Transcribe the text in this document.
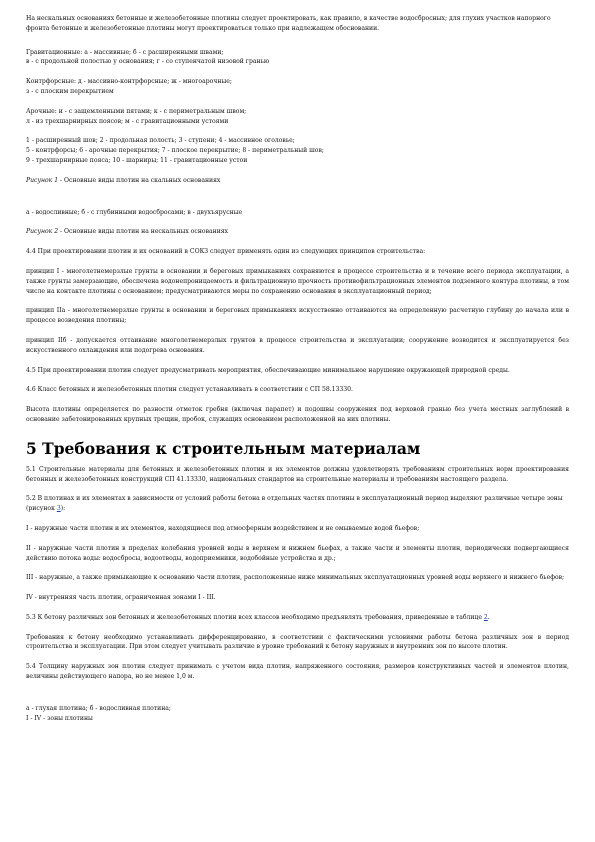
На нескальных основаниях бетонные и железобетонные плотины следует проектировать, как правило, в качестве водосбросных; для глухих участков напорного фронта бетонные и железобетонные плотины могут проектироваться только при надлежащем обосновании.

Гравитационные: а - массивные; б - с расширенными швами;

в - с продольной полостью у основания; г - со ступенчатой низовой гранью

Контрфорсные: д - массивно-контрфорсные; ж - многоарочные;

з - с плоским перекрытием

Арочные: и - с защемленными пятами; к - с периметральным швом;

л - из трехшарнирных поясов; м - с гравитационными устоями

1 - расширенный шов; 2 - продольная полость; 3 - ступени; 4 - массивное оголовье;

5 - контрфорсы; 6 - арочные перекрытия; 7 - плоское перекрытие; 8 - периметральный шов;

9 - трехшарнирные пояса; 10 - шарниры; 11 - гравитационные устои

Рисунок 1 - Основные виды плотин на скальных основаниях

а - водосливные; б - с глубинными водосбросами; в - двухъярусные

Рисунок 2 - Основные виды плотин на нескальных основаниях

4.4 При проектировании плотин и их оснований в СОКЗ следует применять один из следующих принципов строительства:

принцип I - многолетнемерзлые грунты в основании и береговых примыканиях сохраняются в процессе строительства и в течение всего периода эксплуатации, а также грунты замерзающие, обеспечена водонепроницаемость и фильтрационную прочность противофильтрационных элементов подземного контура плотины, в том числе на контакте плотины с основанием; предусматриваются меры по сохранению основания в эксплуатационный период;

принцип IIа - многолетнемерзлые грунты в основании и береговых примыканиях искусственно оттаиваются на определенную расчетную глубину до начала или в процессе возведения плотины;

принцип IIб - допускается оттаивание многолетнемерзлых грунтов в процессе строительства и эксплуатации; сооружение возводится и эксплуатируется без искусственного охлаждения или подогрева основания.

4.5 При проектировании плотин следует предусматривать мероприятия, обеспечивающие минимальное нарушение окружающей природной среды.

4.6 Класс бетонных и железобетонных плотин следует устанавливать в соответствии с СП 58.13330.

Высота плотины определяется по разности отметок гребня (включая парапет) и подошвы сооружения под верховой гранью без учета местных заглублений в основание забетонированных крупных трещин, пробок, служащих основанием расположенной на них плотины.

5 Требования к строительным материалам

5.1 Строительные материалы для бетонных и железобетонных плотин и их элементов должны удовлетворять требованиям строительных норм проектирования бетонных и железобетонных конструкций СП 41.13330, национальных стандартов на строительные материалы и требованиям настоящего раздела.

5.2 В плотинах и их элементах в зависимости от условий работы бетона в отдельных частях плотины в эксплуатационный период выделяют различные четыре зоны (рисунок 3):

I - наружные части плотин и их элементов, находящиеся под атмосферным воздействием и не омываемые водой бьефов;

II - наружные части плотин в пределах колебания уровней воды в верхнем и нижнем бьефах, а также части и элементы плотин, периодически подвергающиеся действию потока воды: водосбросы, водоотводы, водоприемники, водобойные устройства и др.;

III - наружные, а также примыкающие к основанию части плотин, расположенные ниже минимальных эксплуатационных уровней воды верхнего и нижнего бьефов;

IV - внутренняя часть плотин, ограниченная зонами I - III.

5.3 К бетону различных зон бетонных и железобетонных плотин всех классов необходимо предъявлять требования, приведенные в таблице 2.

Требования к бетону необходимо устанавливать дифференцированно, в соответствии с фактическими условиями работы бетона различных зон в период строительства и эксплуатации. При этом следует учитывать различие в уровне требований к бетону наружных и внутренних зон по высоте плотин.

5.4 Толщину наружных зон плотин следует принимать с учетом вида плотин, напряженного состояния, размеров конструктивных частей и элементов плотин, величины действующего напора, но не менее 1,0 м.

а - глухая плотина; б - водосливная плотина;

I - IV - зоны плотины
